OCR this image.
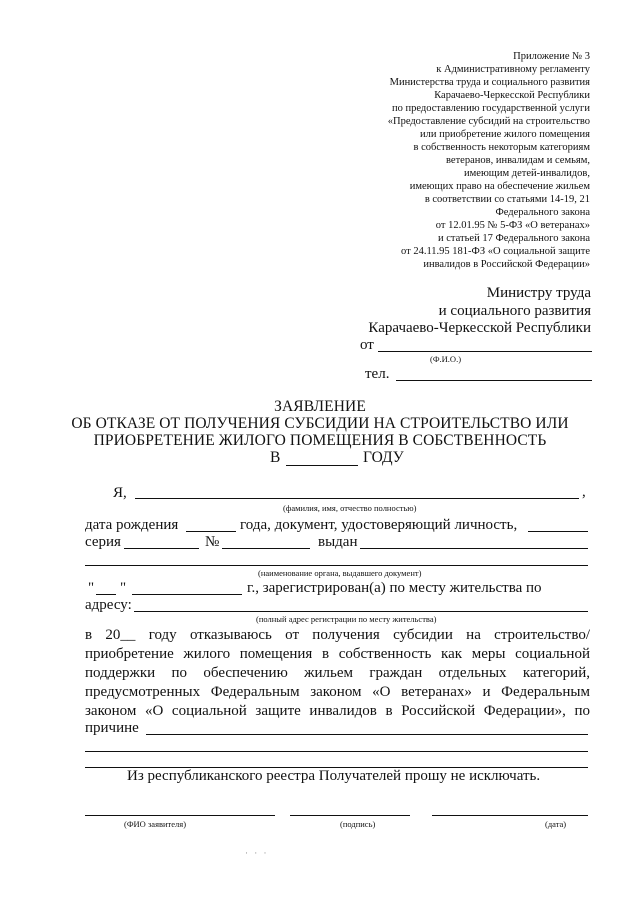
Приложение № 3
к Административному регламенту
Министерства труда и социального развития
Карачаево-Черкесской Республики
по предоставлению государственной услуги
«Предоставление субсидий на строительство
или приобретение жилого помещения
в собственность некоторым категориям
ветеранов, инвалидам и семьям,
имеющим детей-инвалидов,
имеющих право на обеспечение жильем
в соответствии со статьями 14-19, 21
Федерального закона
от 12.01.95 № 5-ФЗ «О ветеранах»
и статьей 17 Федерального закона
от 24.11.95 181-ФЗ «О социальной защите
инвалидов в Российской Федерации»
Министру труда
и социального развития
Карачаево-Черкесской Республики
от
(Ф.И.О.)
тел.
ЗАЯВЛЕНИЕ
ОБ ОТКАЗЕ ОТ ПОЛУЧЕНИЯ СУБСИДИИ НА СТРОИТЕЛЬСТВО ИЛИ
ПРИОБРЕТЕНИЕ ЖИЛОГО ПОМЕЩЕНИЯ В СОБСТВЕННОСТЬ
В	ГОДУ
Я,	,
(фамилия, имя, отчество полностью)
дата рождения	года, документ, удостоверяющий личность,
серия	№	выдан
(наименование органа, выдавшего документ)
" "	г., зарегистрирован(а) по месту жительства по
адресу:
(полный адрес регистрации по месту жительства)
в 20__ году отказываюсь от получения субсидии на строительство/
приобретение жилого помещения в собственность как меры социальной
поддержки по обеспечению жильем граждан отдельных категорий,
предусмотренных Федеральным законом «О ветеранах» и Федеральным
законом «О социальной защите инвалидов в Российской Федерации», по
причине
Из республиканского реестра Получателей прошу не исключать.
(ФИО заявителя)	(подпись)	(дата)
· · ·
